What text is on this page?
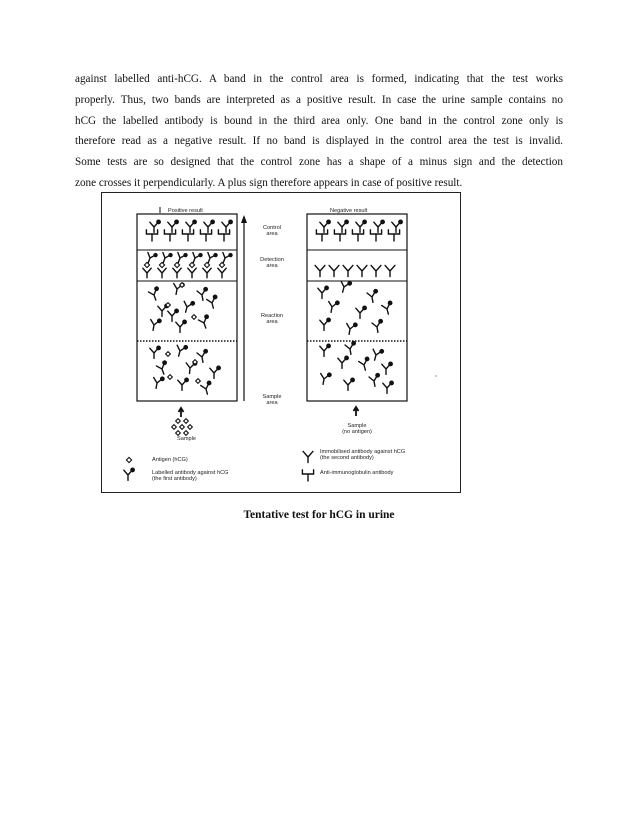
against labelled anti-hCG. A band in the control area is formed, indicating that the test works
properly. Thus, two bands are interpreted as a positive result. In case the urine sample contains no
hCG the labelled antibody is bound in the third area only. One band in the control zone only is
therefore read as a negative result. If no band is displayed in the control area the test is invalid.
Some tests are so designed that the control zone has a shape of a minus sign and the detection
zone crosses it perpendicularly. A plus sign therefore appears in case of positive result.
Positive result	Negative result
Control
area
Detection
area
Reaction
area
Sample
area
Sample
Sample
(no antigen)
Antigen (hCG)
Labelled antibody against hCG
(the first antibody)
Immobilised antibody against hCG
(the second antibody)
Anti-immunoglobulin antibody
Tentative test for hCG in urine
